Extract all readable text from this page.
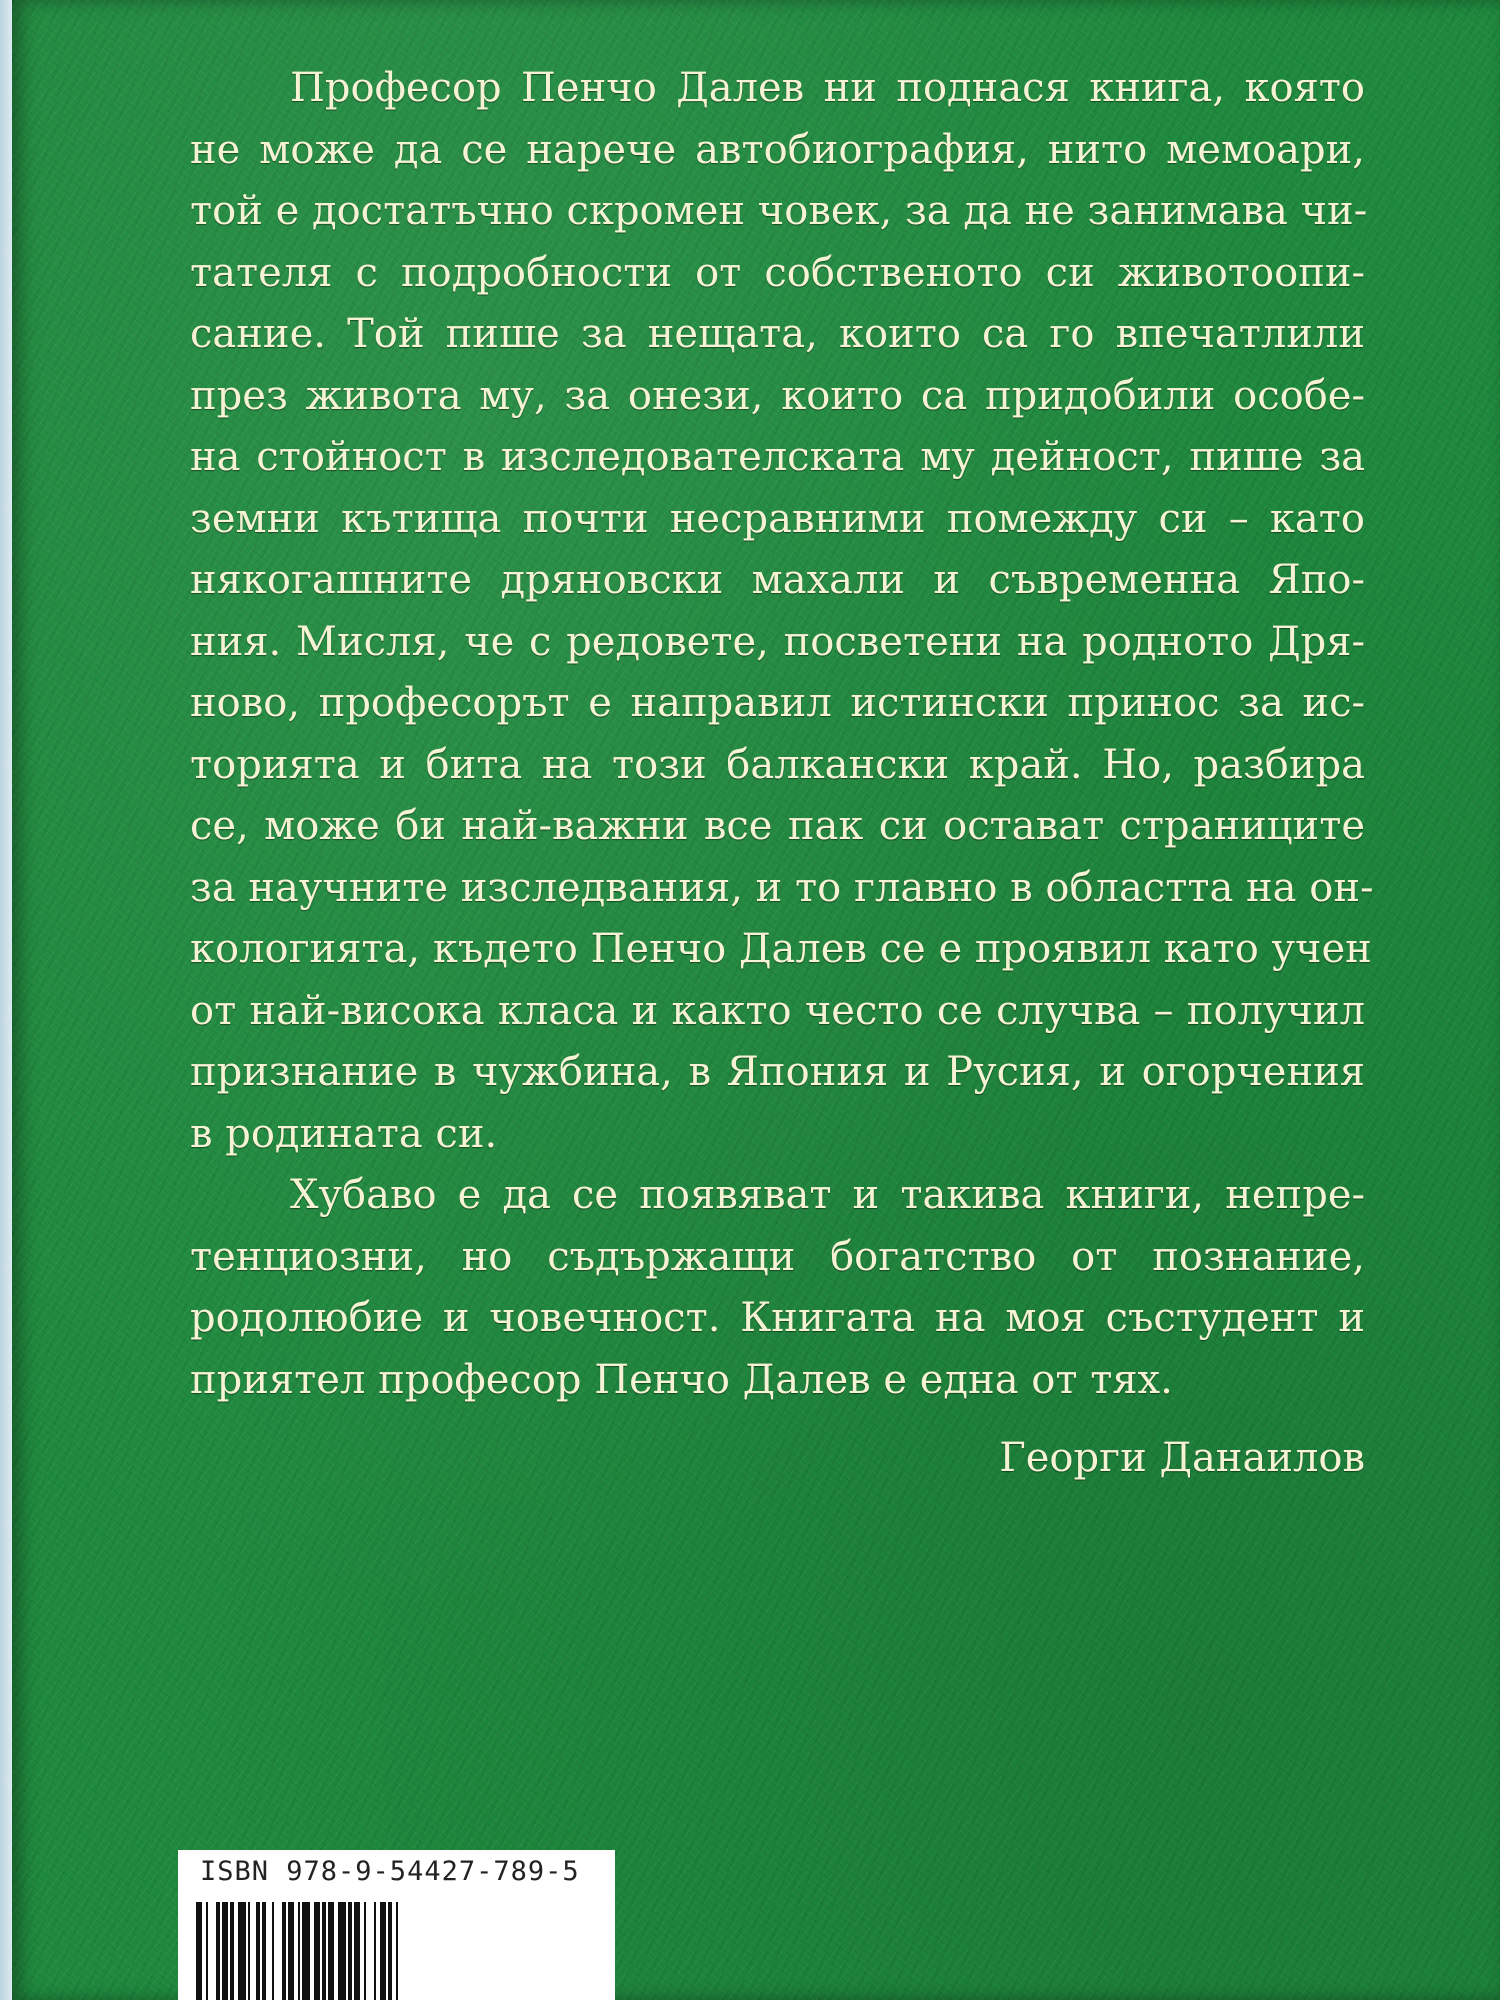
Професор Пенчо Далев ни поднася книга, която
не може да се нарече автобиография, нито мемоари,
той е достатъчно скромен човек, за да не занимава чи-
тателя с подробности от собственото си животоопи-
сание. Той пише за нещата, които са го впечатлили
през живота му, за онези, които са придобили особе-
на стойност в изследователската му дейност, пише за
земни кътища почти несравними помежду си – като
някогашните дряновски махали и съвременна Япо-
ния. Мисля, че с редовете, посветени на родното Дря-
ново, професорът е направил истински принос за ис-
торията и бита на този балкански край. Но, разбира
се, може би най-важни все пак си остават страниците
за научните изследвания, и то главно в областта на он-
кологията, където Пенчо Далев се е проявил като учен
от най-висока класа и както често се случва – получил
признание в чужбина, в Япония и Русия, и огорчения
в родината си.
Хубаво е да се появяват и такива книги, непре-
тенциозни, но съдържащи богатство от познание,
родолюбие и човечност. Книгата на моя състудент и
приятел професор Пенчо Далев е една от тях.
Георги Данаилов
ISBN 978-9-54427-789-5
